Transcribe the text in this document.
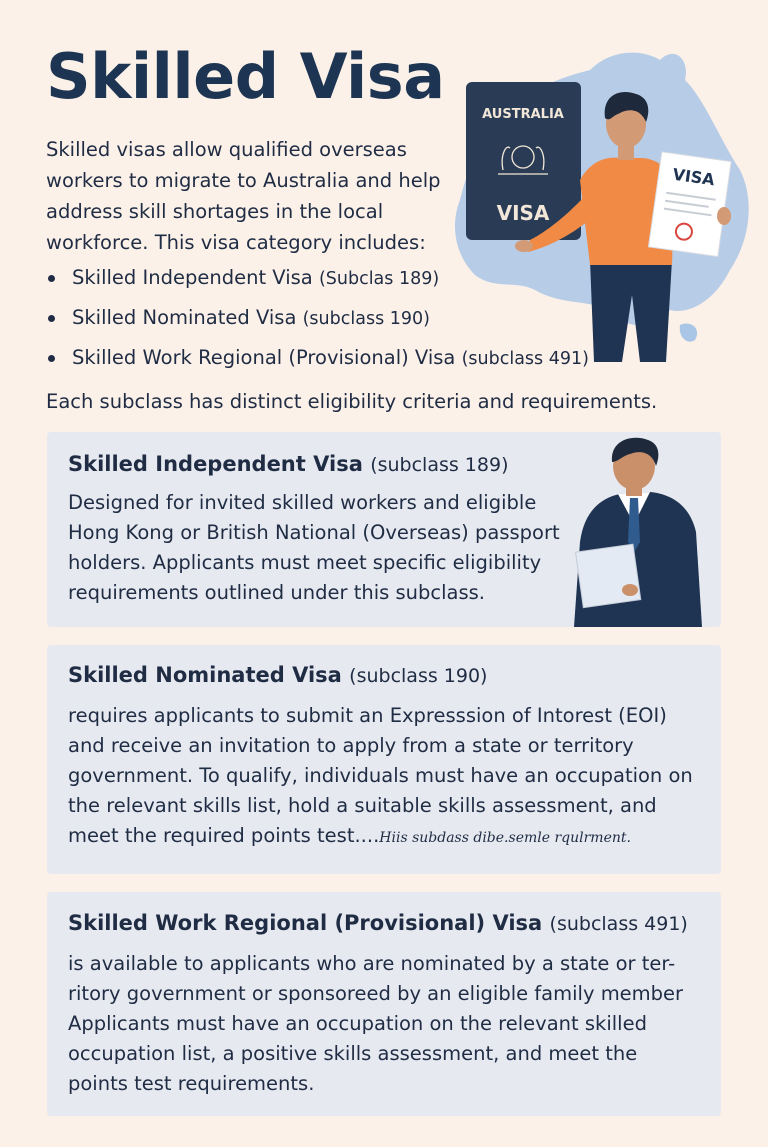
Skilled Visa

Skilled visas allow qualified overseas workers to migrate to Australia and help address skill shortages in the local workforce. This visa category includes:

Skilled Independent Visa (Subclas 189)
Skilled Nominated Visa (subclass 190)
Skilled Work Regional (Provisional) Visa (subclass 491)

Each subclass has distinct eligibility criteria and requirements.

AUSTRALIA
VISA
VISA
Skilled Independent Visa (subclass 189)

Designed for invited skilled workers and eligible Hong Kong or British National (Overseas) passport holders. Applicants must meet specific eligibility requirements outlined under this subclass.

Skilled Nominated Visa (subclass 190)

requires applicants to submit an Expresssion of Intorest (EOI) and receive an invitation to apply from a state or territory government. To qualify, individuals must have an occupation on the relevant skills list, hold a suitable skills assessment, and meet the required points test....Hiis subdass dibe.semle rqulrment.

Skilled Work Regional (Provisional) Visa (subclass 491)

is available to applicants who are nominated by a state or ter- ritory government or sponsoreed by an eligible family member Applicants must have an occupation on the relevant skilled occupation list, a positive skills assessment, and meet the points test requirements.
